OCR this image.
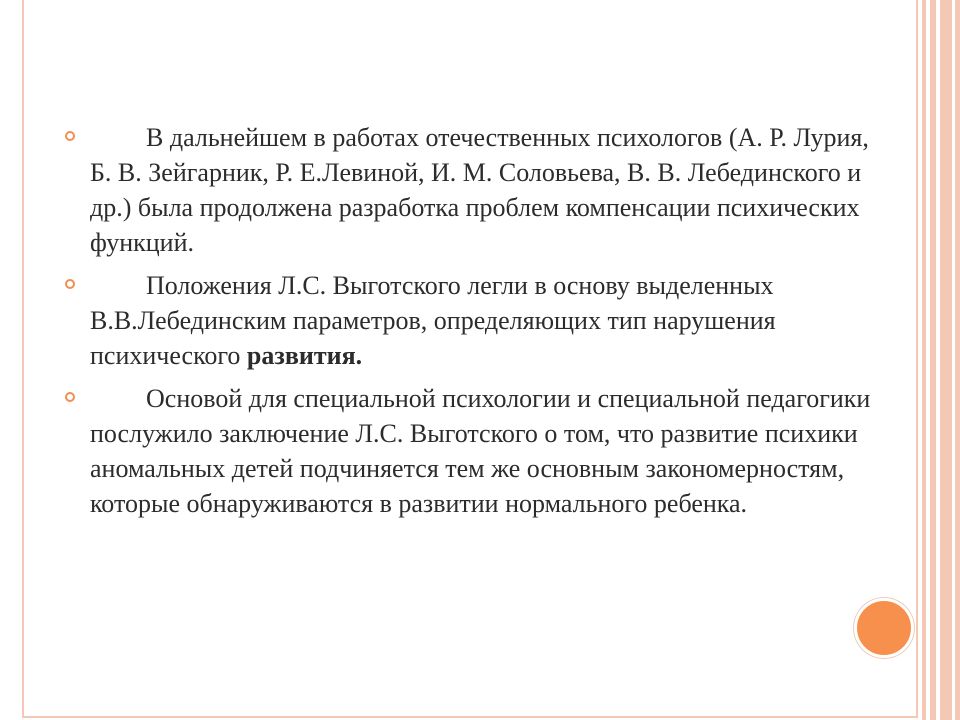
В дальнейшем в работах отечественных психологов (А. Р. Лурия, Б. В. Зейгарник, Р. Е.Левиной, И. М. Соловьева, В. В. Лебединского и др.) была продолжена разработка проблем компенсации психических функций.
Положения Л.С. Выготского легли в основу выделенных В.В.Лебединским параметров, определяющих тип нарушения психического развития.
Основой для специальной психологии и специальной педагогики послужило заключение Л.С. Выготского о том, что развитие психики аномальных детей подчиняется тем же основным закономерностям, которые обнаруживаются в развитии нормального ребенка.
